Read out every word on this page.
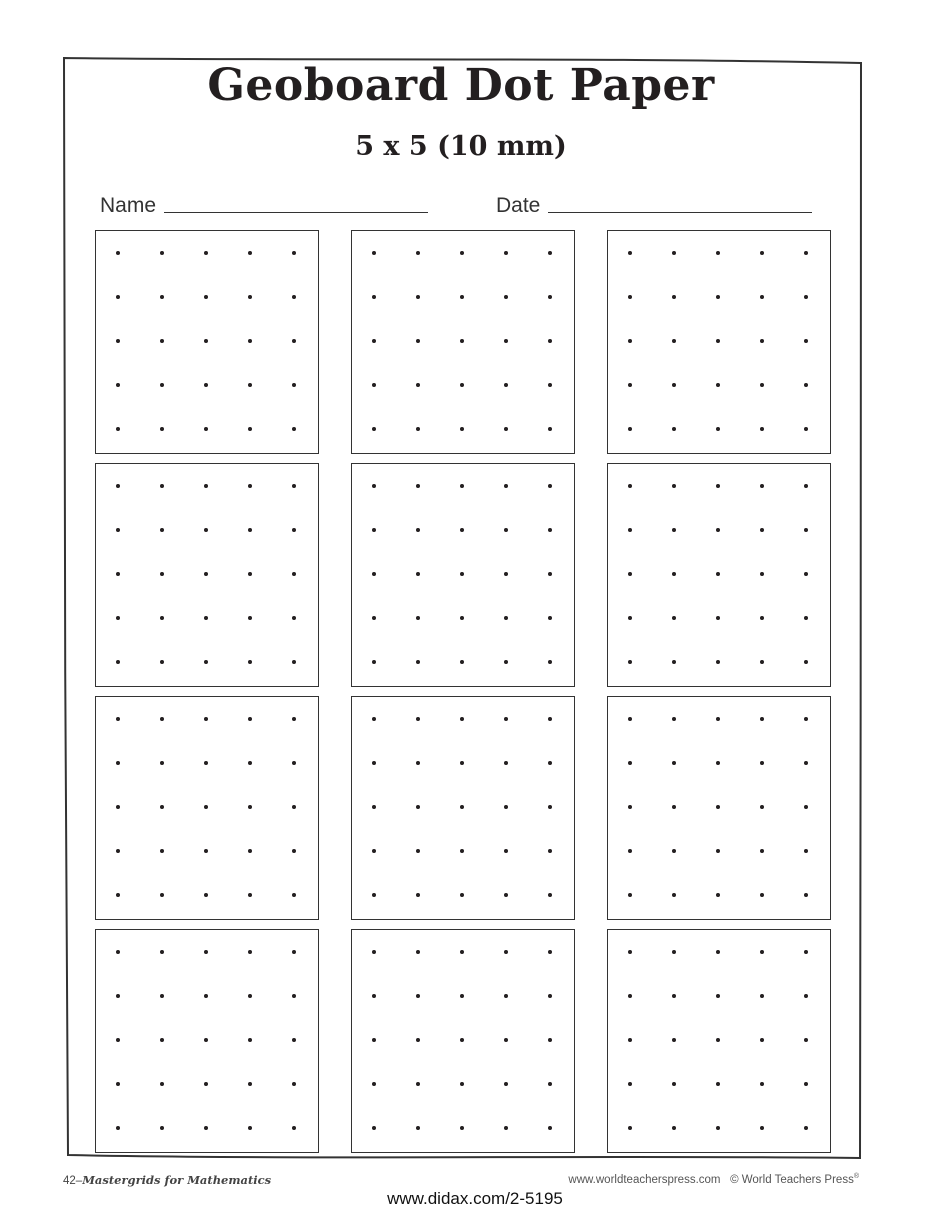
Geoboard Dot Paper
5 x 5 (10 mm)
Name	Date
42–Mastergrids for Mathematics	www.worldteacherspress.com © World Teachers Press®
www.didax.com/2-5195
